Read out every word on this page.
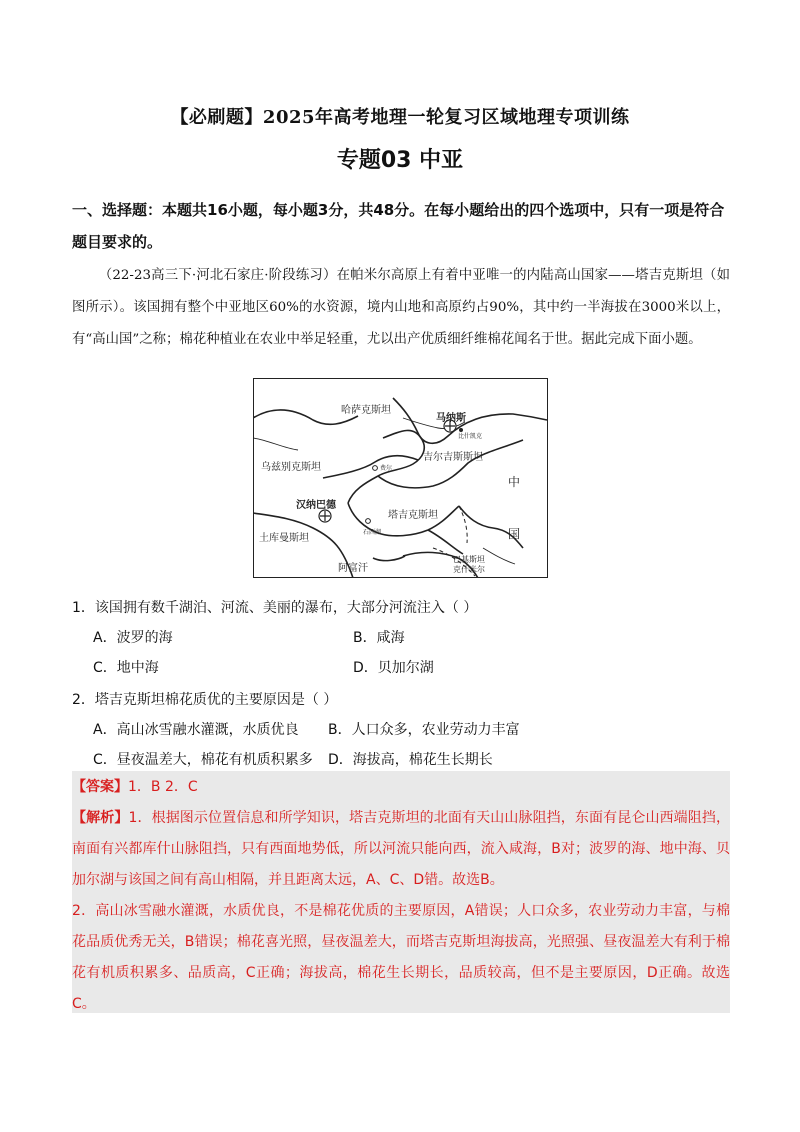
【必刷题】2025年高考地理一轮复习区域地理专项训练
专题03 中亚
一、选择题：本题共16小题，每小题3分，共48分。在每小题给出的四个选项中，只有一项是符合题目要求的。
（22-23高三下·河北石家庄·阶段练习）在帕米尔高原上有着中亚唯一的内陆高山国家——塔吉克斯坦（如图所示）。该国拥有整个中亚地区60%的水资源，境内山地和高原约占90%，其中约一半海拔在3000米以上，有“高山国”之称；棉花种植业在农业中举足轻重，尤以出产优质细纤维棉花闻名于世。据此完成下面小题。
哈萨克斯坦
马纳斯
比什凯克
吉尔吉斯斯坦
乌兹别克斯坦	费尔
中
汉纳巴德
塔吉克斯坦
石西湖	国
土库曼斯坦
阿富汗
巴基斯坦
克什米尔
1．该国拥有数千湖泊、河流、美丽的瀑布，大部分河流注入（ ）
A．波罗的海	B．咸海
C．地中海	D．贝加尔湖
2．塔吉克斯坦棉花质优的主要原因是（ ）
A．高山冰雪融水灌溉，水质优良 B．人口众多，农业劳动力丰富
C．昼夜温差大，棉花有机质积累多 D．海拔高，棉花生长期长
【答案】1．B 2．C
【解析】1．根据图示位置信息和所学知识，塔吉克斯坦的北面有天山山脉阻挡，东面有昆仑山西端阻挡，南面有兴都库什山脉阻挡，只有西面地势低，所以河流只能向西，流入咸海，B对；波罗的海、地中海、贝加尔湖与该国之间有高山相隔，并且距离太远，A、C、D错。故选B。
2．高山冰雪融水灌溉，水质优良，不是棉花优质的主要原因，A错误；人口众多，农业劳动力丰富，与棉花品质优秀无关，B错误；棉花喜光照，昼夜温差大，而塔吉克斯坦海拔高，光照强、昼夜温差大有利于棉花有机质积累多、品质高，C正确；海拔高，棉花生长期长，品质较高，但不是主要原因，D正确。故选C。
